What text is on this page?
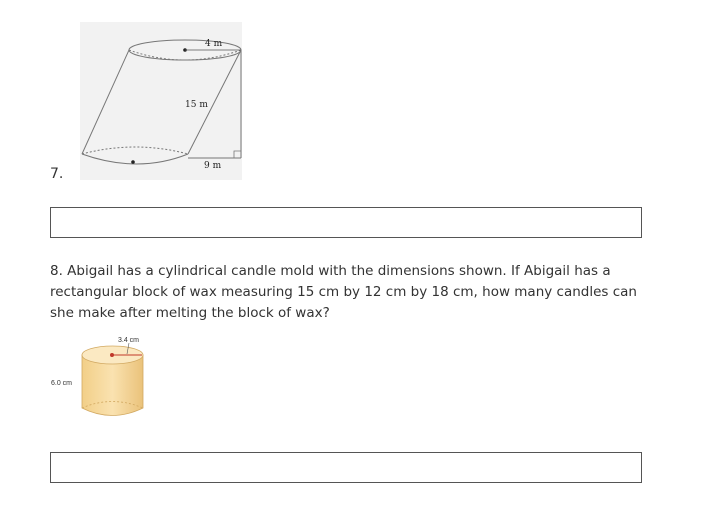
7.
4 m
15 m
9 m
8. Abigail has a cylindrical candle mold with the dimensions shown. If Abigail has a rectangular block of wax measuring 15 cm by 12 cm by 18 cm, how many candles can she make after melting the block of wax?
3.4 cm
6.0 cm
